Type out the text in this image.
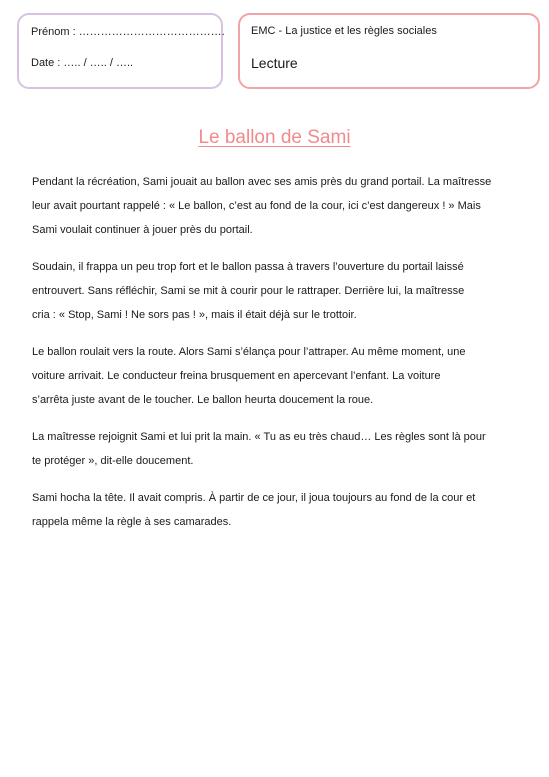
Prénom : ………………………………….
Date : ….. / ….. / …..
EMC - La justice et les règles sociales
Lecture
Le ballon de Sami

Pendant la récréation, Sami jouait au ballon avec ses amis près du grand portail. La maîtresse
leur avait pourtant rappelé : « Le ballon, c’est au fond de la cour, ici c’est dangereux ! » Mais
Sami voulait continuer à jouer près du portail.

Soudain, il frappa un peu trop fort et le ballon passa à travers l’ouverture du portail laissé
entrouvert. Sans réfléchir, Sami se mit à courir pour le rattraper. Derrière lui, la maîtresse
cria : « Stop, Sami ! Ne sors pas ! », mais il était déjà sur le trottoir.

Le ballon roulait vers la route. Alors Sami s’élança pour l’attraper. Au même moment, une
voiture arrivait. Le conducteur freina brusquement en apercevant l’enfant. La voiture
s’arrêta juste avant de le toucher. Le ballon heurta doucement la roue.

La maîtresse rejoignit Sami et lui prit la main. « Tu as eu très chaud… Les règles sont là pour
te protéger », dit-elle doucement.

Sami hocha la tête. Il avait compris. À partir de ce jour, il joua toujours au fond de la cour et
rappela même la règle à ses camarades.
